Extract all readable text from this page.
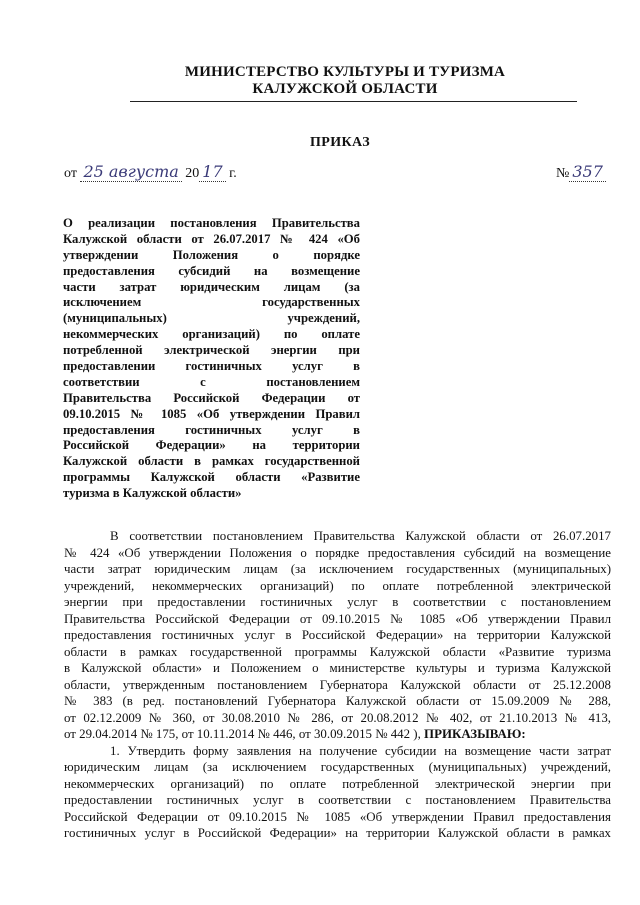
МИНИСТЕРСТВО КУЛЬТУРЫ И ТУРИЗМА
КАЛУЖСКОЙ ОБЛАСТИ
ПРИКАЗ
от 25 августа 20 17 г.	№ 357
О реализации постановления Правительства
Калужской области от 26.07.2017 № 424 «Об
утверждении Положения о порядке
предоставления субсидий на возмещение
части затрат юридическим лицам (за
исключением государственных
(муниципальных) учреждений,
некоммерческих организаций) по оплате
потребленной электрической энергии при
предоставлении гостиничных услуг в
соответствии с постановлением
Правительства Российской Федерации от
09.10.2015 № 1085 «Об утверждении Правил
предоставления гостиничных услуг в
Российской Федерации» на территории
Калужской области в рамках государственной
программы Калужской области «Развитие
туризма в Калужской области»
В соответствии постановлением Правительства Калужской области от 26.07.2017
№ 424 «Об утверждении Положения о порядке предоставления субсидий на возмещение
части затрат юридическим лицам (за исключением государственных (муниципальных)
учреждений, некоммерческих организаций) по оплате потребленной электрической
энергии при предоставлении гостиничных услуг в соответствии с постановлением
Правительства Российской Федерации от 09.10.2015 № 1085 «Об утверждении Правил
предоставления гостиничных услуг в Российской Федерации» на территории Калужской
области в рамках государственной программы Калужской области «Развитие туризма
в Калужской области» и Положением о министерстве культуры и туризма Калужской
области, утвержденным постановлением Губернатора Калужской области от 25.12.2008
№ 383 (в ред. постановлений Губернатора Калужской области от 15.09.2009 № 288,
от 02.12.2009 № 360, от 30.08.2010 № 286, от 20.08.2012 № 402, от 21.10.2013 № 413,
от 29.04.2014 № 175, от 10.11.2014 № 446, от 30.09.2015 № 442 ), ПРИКАЗЫВАЮ:
1. Утвердить форму заявления на получение субсидии на возмещение части затрат
юридическим лицам (за исключением государственных (муниципальных) учреждений,
некоммерческих организаций) по оплате потребленной электрической энергии при
предоставлении гостиничных услуг в соответствии с постановлением Правительства
Российской Федерации от 09.10.2015 № 1085 «Об утверждении Правил предоставления
гостиничных услуг в Российской Федерации» на территории Калужской области в рамках
